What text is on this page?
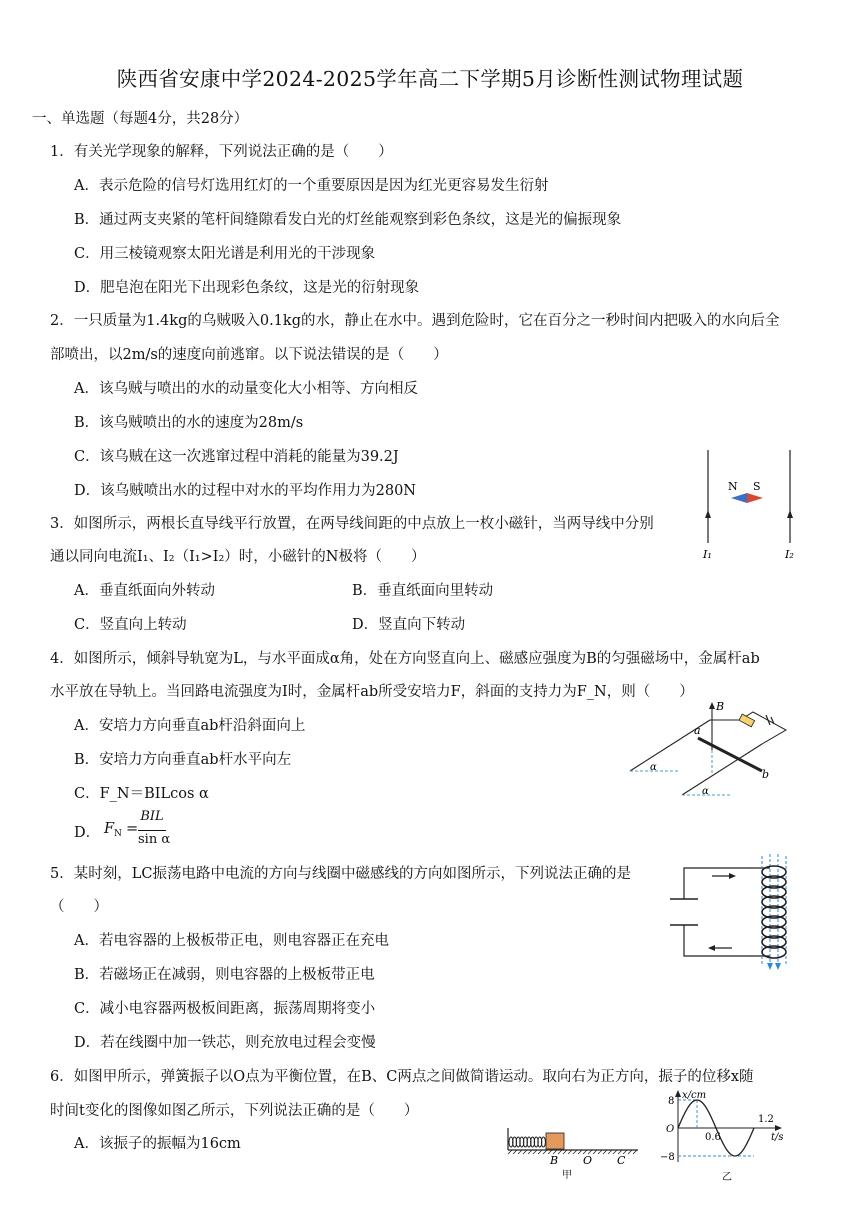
陕西省安康中学2024-2025学年高二下学期5月诊断性测试物理试题
一、单选题（每题4分，共28分）
1．有关光学现象的解释，下列说法正确的是（　　）
A．表示危险的信号灯选用红灯的一个重要原因是因为红光更容易发生衍射
B．通过两支夹紧的笔杆间缝隙看发白光的灯丝能观察到彩色条纹，这是光的偏振现象
C．用三棱镜观察太阳光谱是利用光的干涉现象
D．肥皂泡在阳光下出现彩色条纹，这是光的衍射现象
2．一只质量为1.4kg的乌贼吸入0.1kg的水，静止在水中。遇到危险时，它在百分之一秒时间内把吸入的水向后全
部喷出，以2m/s的速度向前逃窜。以下说法错误的是（　　）
A．该乌贼与喷出的水的动量变化大小相等、方向相反
B．该乌贼喷出的水的速度为28m/s
C．该乌贼在这一次逃窜过程中消耗的能量为39.2J
D．该乌贼喷出水的过程中对水的平均作用力为280N
3．如图所示，两根长直导线平行放置，在两导线间距的中点放上一枚小磁针，当两导线中分别
通以同向电流I₁、I₂（I₁>I₂）时，小磁针的N极将（　　）
A．垂直纸面向外转动	B．垂直纸面向里转动
C．竖直向上转动	D．竖直向下转动
N S
I₁	I₂
4．如图所示，倾斜导轨宽为L，与水平面成α角，处在方向竖直向上、磁感应强度为B的匀强磁场中，金属杆ab
水平放在导轨上。当回路电流强度为I时，金属杆ab所受安培力F，斜面的支持力为F_N，则（　　）
A．安培力方向垂直ab杆沿斜面向上
B．安培力方向垂直ab杆水平向左
C．F_N＝BILcos α
D． F N =
BIL
sin α
B
a
b
α
α
5．某时刻，LC振荡电路中电流的方向与线圈中磁感线的方向如图所示，下列说法正确的是
（　　）
A．若电容器的上极板带正电，则电容器正在充电
B．若磁场正在减弱，则电容器的上极板带正电
C．减小电容器两极板间距离，振荡周期将变小
D．若在线圈中加一铁芯，则充放电过程会变慢
6．如图甲所示，弹簧振子以O点为平衡位置，在B、C两点之间做简谐运动。取向右为正方向，振子的位移x随
时间t变化的图像如图乙所示，下列说法正确的是（　　）
A．该振子的振幅为16cm
B O C
甲
x/cm
t/s
8
−8
O
0.6
1.2
乙
